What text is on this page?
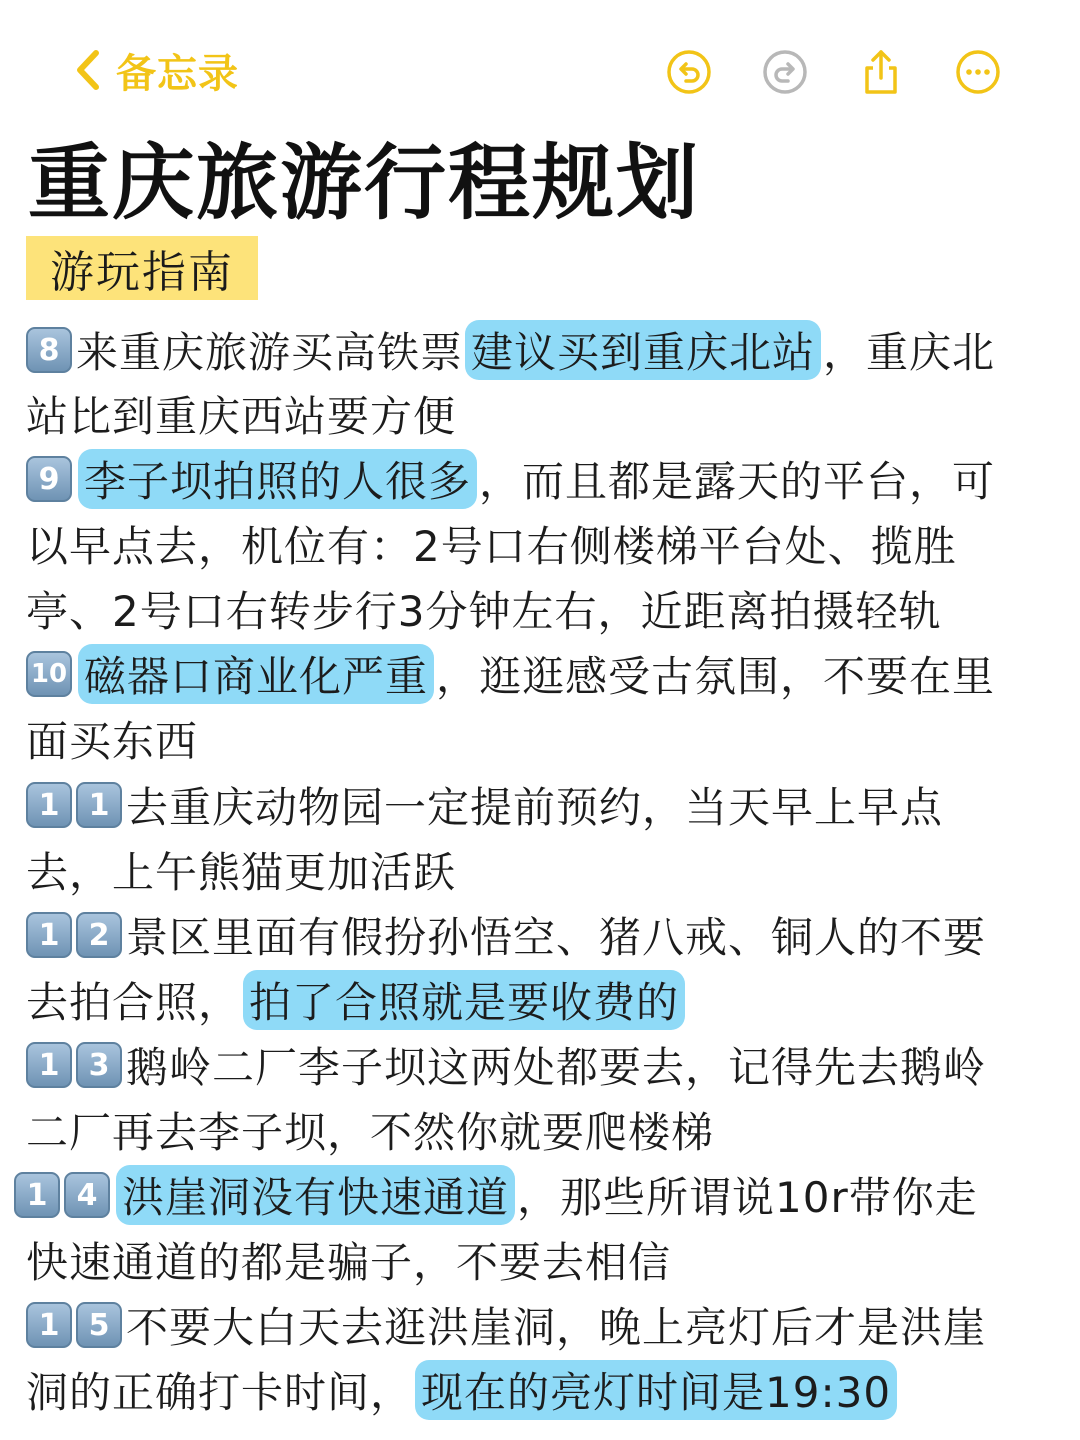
备忘录
重庆旅游行程规划
游玩指南
8 来重庆旅游买高铁票 建议买到重庆北站 ，重庆北
站比到重庆西站要方便
9 李子坝拍照的人很多 ，而且都是露天的平台，可
以早点去，机位有：2号口右侧楼梯平台处、揽胜
亭、2号口右转步行3分钟左右，近距离拍摄轻轨
10 磁器口商业化严重 ，逛逛感受古氛围，不要在里
面买东西
1 1 去重庆动物园一定提前预约，当天早上早点
去，上午熊猫更加活跃
1 2 景区里面有假扮孙悟空、猪八戒、铜人的不要
去拍合照， 拍了合照就是要收费的
1 3 鹅岭二厂李子坝这两处都要去，记得先去鹅岭
二厂再去李子坝，不然你就要爬楼梯
1 4 洪崖洞没有快速通道 ，那些所谓说10r带你走
快速通道的都是骗子，不要去相信
1 5 不要大白天去逛洪崖洞，晚上亮灯后才是洪崖
洞的正确打卡时间， 现在的亮灯时间是19:30
